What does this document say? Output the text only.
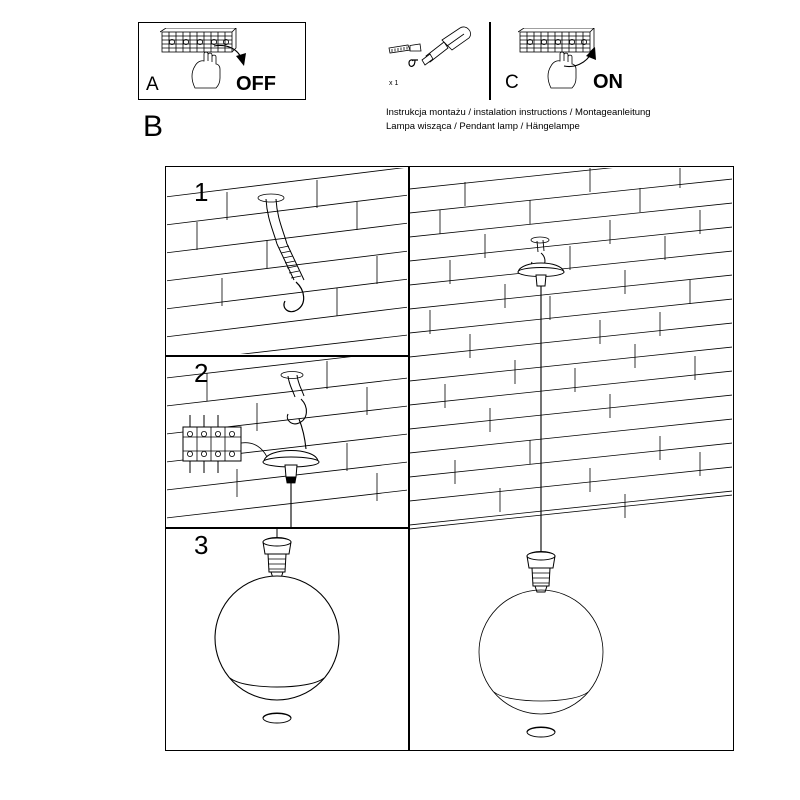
A	OFF	x 1	C	ON
Instrukcja montażu / instalation instructions / Montageanleitung
Lampa wisząca / Pendant lamp / Hängelampe
B
1
2
3
